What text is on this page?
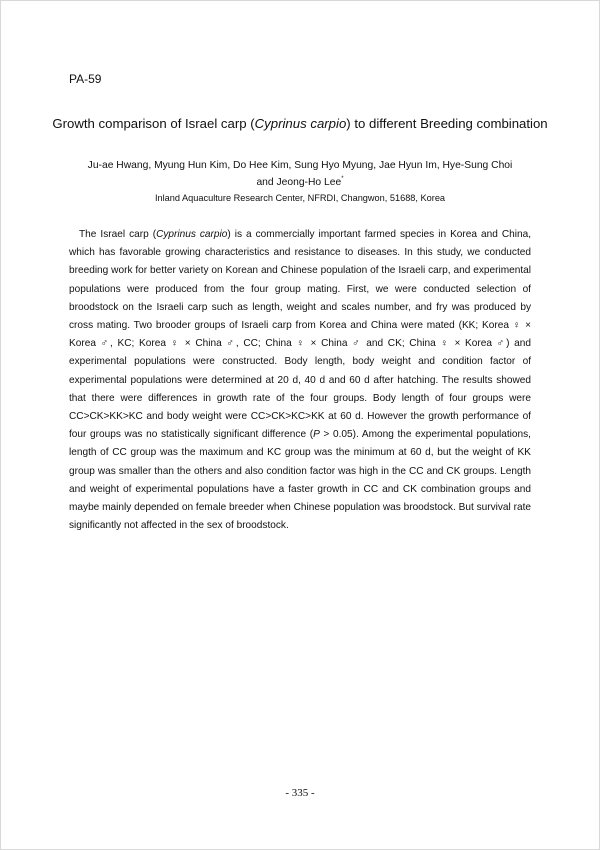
PA-59
Growth comparison of Israel carp (Cyprinus carpio) to different Breeding combination
Ju-ae Hwang, Myung Hun Kim, Do Hee Kim, Sung Hyo Myung, Jae Hyun Im, Hye-Sung Choi
and Jeong-Ho Lee*
Inland Aquaculture Research Center, NFRDI, Changwon, 51688, Korea

The Israel carp (Cyprinus carpio) is a commercially important farmed species in Korea and China, which has favorable growing characteristics and resistance to diseases. In this study, we conducted breeding work for better variety on Korean and Chinese population of the Israeli carp, and experimental populations were produced from the four group mating. First, we were conducted selection of broodstock on the Israeli carp such as length, weight and scales number, and fry was produced by cross mating. Two brooder groups of Israeli carp from Korea and China were mated (KK; Korea ♀ × Korea ♂, KC; Korea ♀ × China ♂, CC; China ♀ × China ♂ and CK; China ♀ × Korea ♂) and experimental populations were constructed. Body length, body weight and condition factor of experimental populations were determined at 20 d, 40 d and 60 d after hatching. The results showed that there were differences in growth rate of the four groups. Body length of four groups were CC>CK>KK>KC and body weight were CC>CK>KC>KK at 60 d. However the growth performance of four groups was no statistically significant difference (P > 0.05). Among the experimental populations, length of CC group was the maximum and KC group was the minimum at 60 d, but the weight of KK group was smaller than the others and also condition factor was high in the CC and CK groups. Length and weight of experimental populations have a faster growth in CC and CK combination groups and maybe mainly depended on female breeder when Chinese population was broodstock. But survival rate significantly not affected in the sex of broodstock.

- 335 -
